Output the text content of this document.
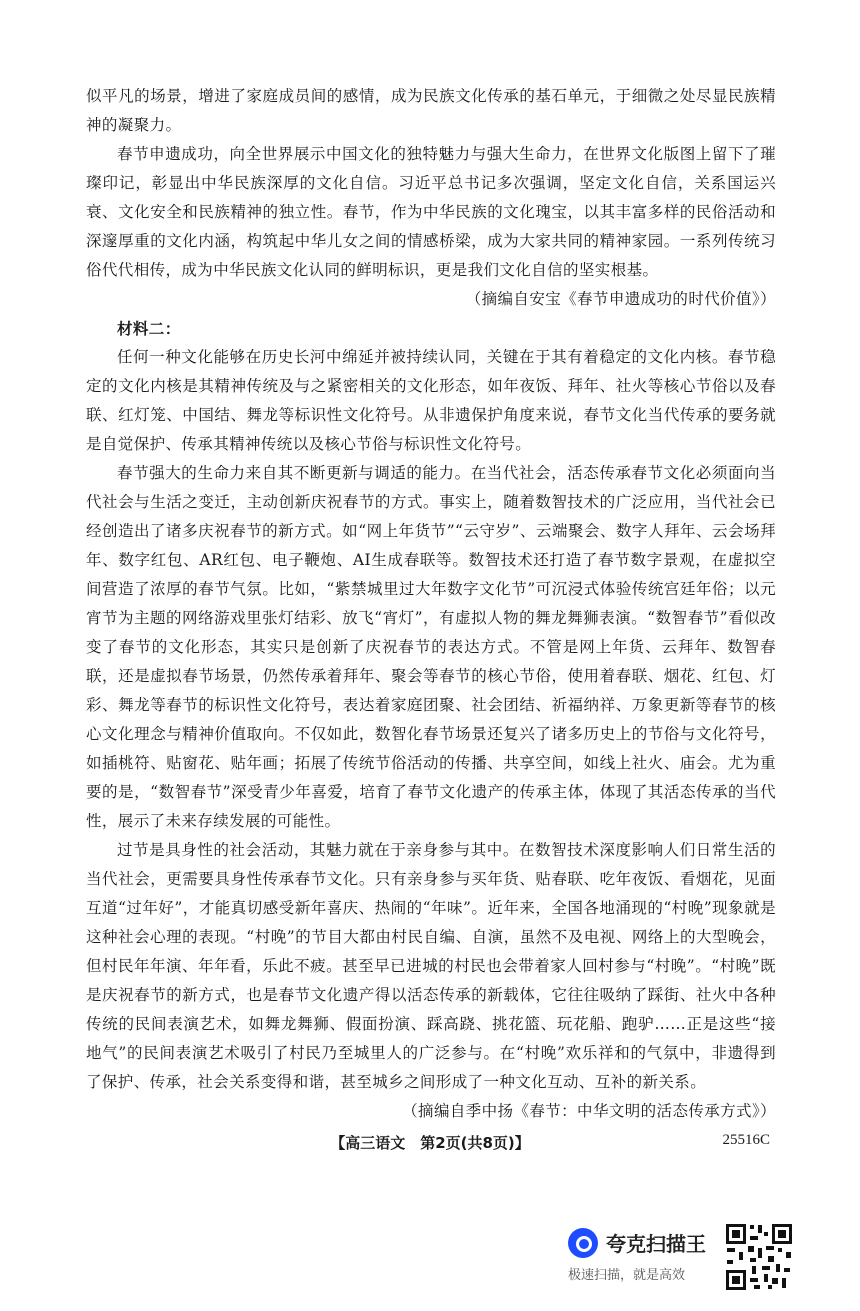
似平凡的场景，增进了家庭成员间的感情，成为民族文化传承的基石单元，于细微之处尽显民族精神的凝聚力。

春节申遗成功，向全世界展示中国文化的独特魅力与强大生命力，在世界文化版图上留下了璀璨印记，彰显出中华民族深厚的文化自信。习近平总书记多次强调，坚定文化自信，关系国运兴衰、文化安全和民族精神的独立性。春节，作为中华民族的文化瑰宝，以其丰富多样的民俗活动和深邃厚重的文化内涵，构筑起中华儿女之间的情感桥梁，成为大家共同的精神家园。一系列传统习俗代代相传，成为中华民族文化认同的鲜明标识，更是我们文化自信的坚实根基。

（摘编自安宝《春节申遗成功的时代价值》）

材料二：

任何一种文化能够在历史长河中绵延并被持续认同，关键在于其有着稳定的文化内核。春节稳定的文化内核是其精神传统及与之紧密相关的文化形态，如年夜饭、拜年、社火等核心节俗以及春联、红灯笼、中国结、舞龙等标识性文化符号。从非遗保护角度来说，春节文化当代传承的要务就是自觉保护、传承其精神传统以及核心节俗与标识性文化符号。

春节强大的生命力来自其不断更新与调适的能力。在当代社会，活态传承春节文化必须面向当代社会与生活之变迁，主动创新庆祝春节的方式。事实上，随着数智技术的广泛应用，当代社会已经创造出了诸多庆祝春节的新方式。如“网上年货节”“云守岁”、云端聚会、数字人拜年、云会场拜年、数字红包、AR红包、电子鞭炮、AI生成春联等。数智技术还打造了春节数字景观，在虚拟空间营造了浓厚的春节气氛。比如，“紫禁城里过大年数字文化节”可沉浸式体验传统宫廷年俗；以元宵节为主题的网络游戏里张灯结彩、放飞“宵灯”，有虚拟人物的舞龙舞狮表演。“数智春节”看似改变了春节的文化形态，其实只是创新了庆祝春节的表达方式。不管是网上年货、云拜年、数智春联，还是虚拟春节场景，仍然传承着拜年、聚会等春节的核心节俗，使用着春联、烟花、红包、灯彩、舞龙等春节的标识性文化符号，表达着家庭团聚、社会团结、祈福纳祥、万象更新等春节的核心文化理念与精神价值取向。不仅如此，数智化春节场景还复兴了诸多历史上的节俗与文化符号，如插桃符、贴窗花、贴年画；拓展了传统节俗活动的传播、共享空间，如线上社火、庙会。尤为重要的是，“数智春节”深受青少年喜爱，培育了春节文化遗产的传承主体，体现了其活态传承的当代性，展示了未来存续发展的可能性。

过节是具身性的社会活动，其魅力就在于亲身参与其中。在数智技术深度影响人们日常生活的当代社会，更需要具身性传承春节文化。只有亲身参与买年货、贴春联、吃年夜饭、看烟花，见面互道“过年好”，才能真切感受新年喜庆、热闹的“年味”。近年来，全国各地涌现的“村晚”现象就是这种社会心理的表现。“村晚”的节目大都由村民自编、自演，虽然不及电视、网络上的大型晚会，但村民年年演、年年看，乐此不疲。甚至早已进城的村民也会带着家人回村参与“村晚”。“村晚”既是庆祝春节的新方式，也是春节文化遗产得以活态传承的新载体，它往往吸纳了踩街、社火中各种传统的民间表演艺术，如舞龙舞狮、假面扮演、踩高跷、挑花篮、玩花船、跑驴……正是这些“接地气”的民间表演艺术吸引了村民乃至城里人的广泛参与。在“村晚”欢乐祥和的气氛中，非遗得到了保护、传承，社会关系变得和谐，甚至城乡之间形成了一种文化互动、互补的新关系。

（摘编自季中扬《春节：中华文明的活态传承方式》）

【高三语文　第2页(共8页)】	25516C
夸克扫描王
极速扫描，就是高效
